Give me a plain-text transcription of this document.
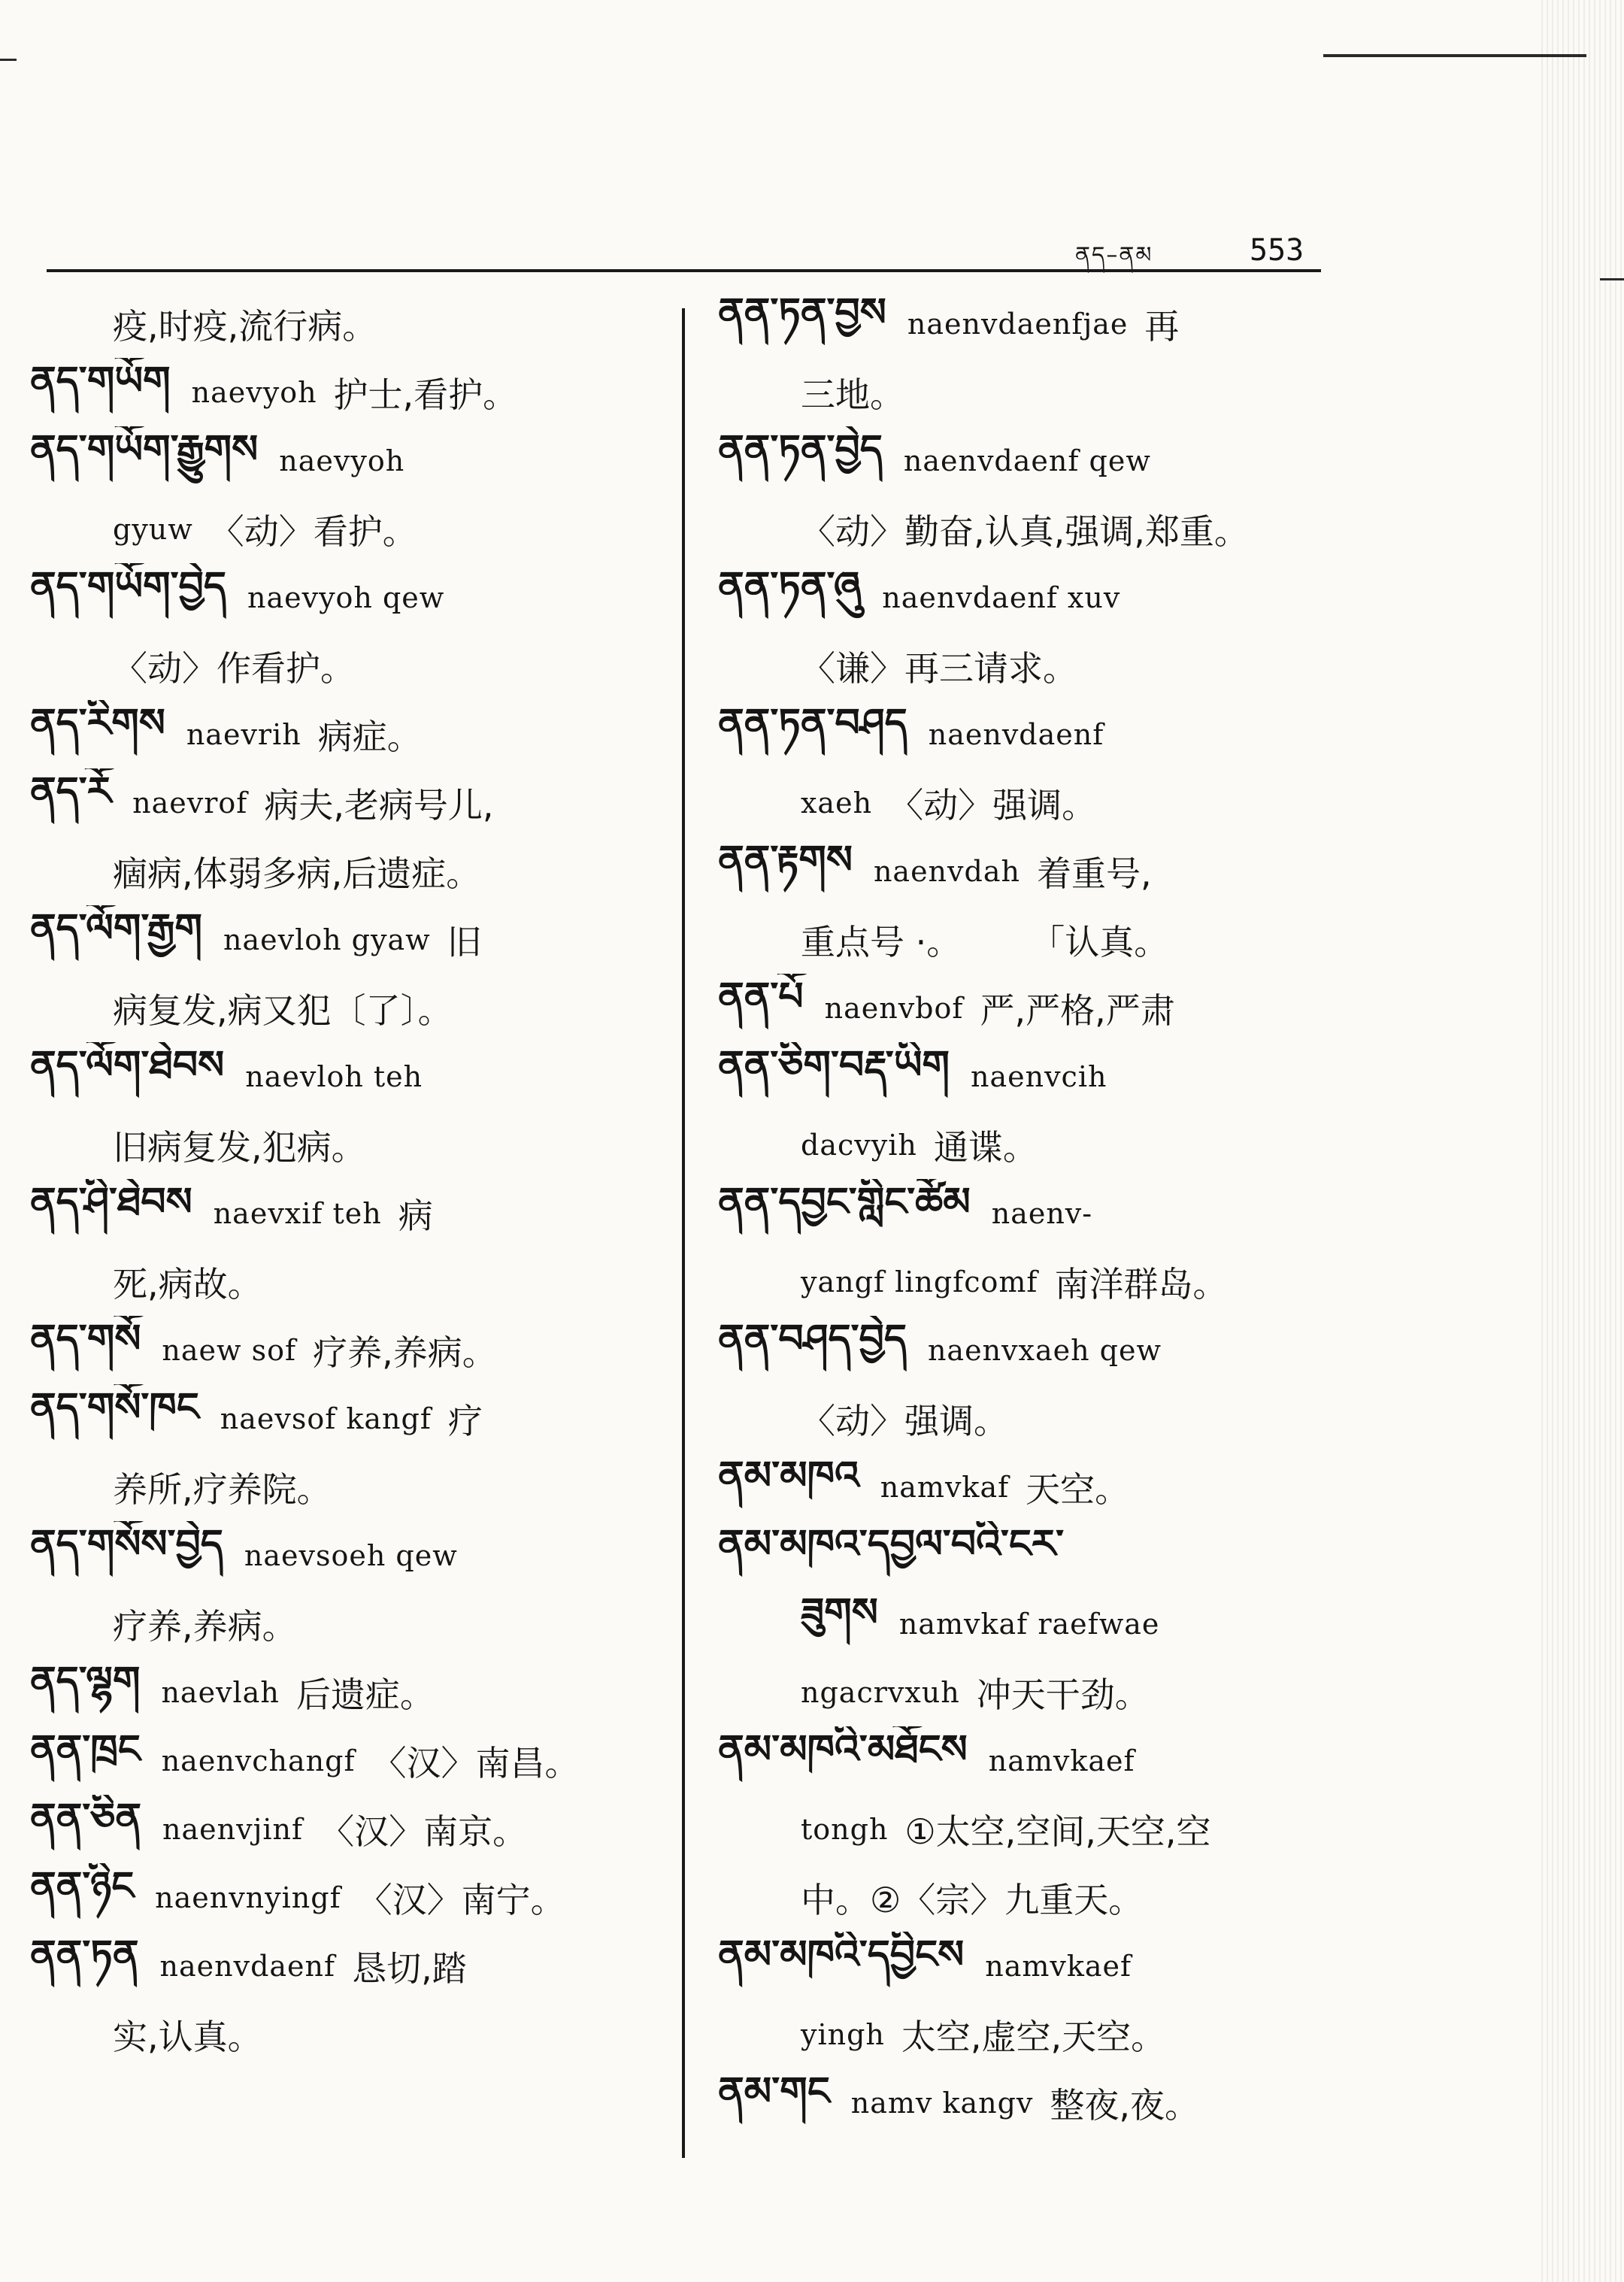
ནད–ནམ	553
疫,时疫,流行病。
ནད་གཡོག naevyoh 护士,看护。
ནད་གཡོག་རྒྱུགས naevyoh
gyuw 〈动〉看护。
ནད་གཡོག་བྱེད naevyoh qew
〈动〉作看护。
ནད་རིགས naevrih 病症。
ནད་རོ naevrof 病夫,老病号儿,
痼病,体弱多病,后遗症。
ནད་ལོག་རྒྱག naevloh gyaw 旧
病复发,病又犯〔了〕。
ནད་ལོག་ཐེབས naevloh teh
旧病复发,犯病。
ནད་ཤི་ཐེབས naevxif teh 病
死,病故。
ནད་གསོ naew sof 疗养,养病。
ནད་གསོ་ཁང naevsof kangf 疗
养所,疗养院。
ནད་གསོས་བྱེད naevsoeh qew
疗养,养病。
ནད་ལྷག naevlah 后遗症。
ནན་ཁྲང naenvchangf 〈汉〉南昌。
ནན་ཅིན naenvjinf 〈汉〉南京。
ནན་ཉིང naenvnyingf 〈汉〉南宁。
ནན་ཏན naenvdaenf 恳切,踏
实,认真。
ནན་ཏན་བྱས naenvdaenfjae 再
三地。
ནན་ཏན་བྱེད naenvdaenf qew
〈动〉勤奋,认真,强调,郑重。
ནན་ཏན་ཞུ naenvdaenf xuv
〈谦〉再三请求。
ནན་ཏན་བཤད naenvdaenf
xaeh 〈动〉强调。
ནན་རྟགས naenvdah 着重号,
重点号 ·。　　　「认真。
ནན་པོ naenvbof 严,严格,严肃
ནན་ཅིག་བརྡ་ཡིག naenvcih
dacvyih 通谍。
ནན་དབྱང་གླིང་ཚོམ naenv-
yangf lingfcomf 南洋群岛。
ནན་བཤད་བྱེད naenvxaeh qew
〈动〉强调。
ནམ་མཁའ namvkaf 天空。
ནམ་མཁའ་དབྱལ་བའི་ངར་
ཟུགས namvkaf raefwae
ngacrvxuh 冲天干劲。
ནམ་མཁའི་མཐོངས namvkaef
tongh ①太空,空间,天空,空
中。②〈宗〉九重天。
ནམ་མཁའི་དབྱིངས namvkaef
yingh 太空,虚空,天空。
ནམ་གང namv kangv 整夜,夜。
